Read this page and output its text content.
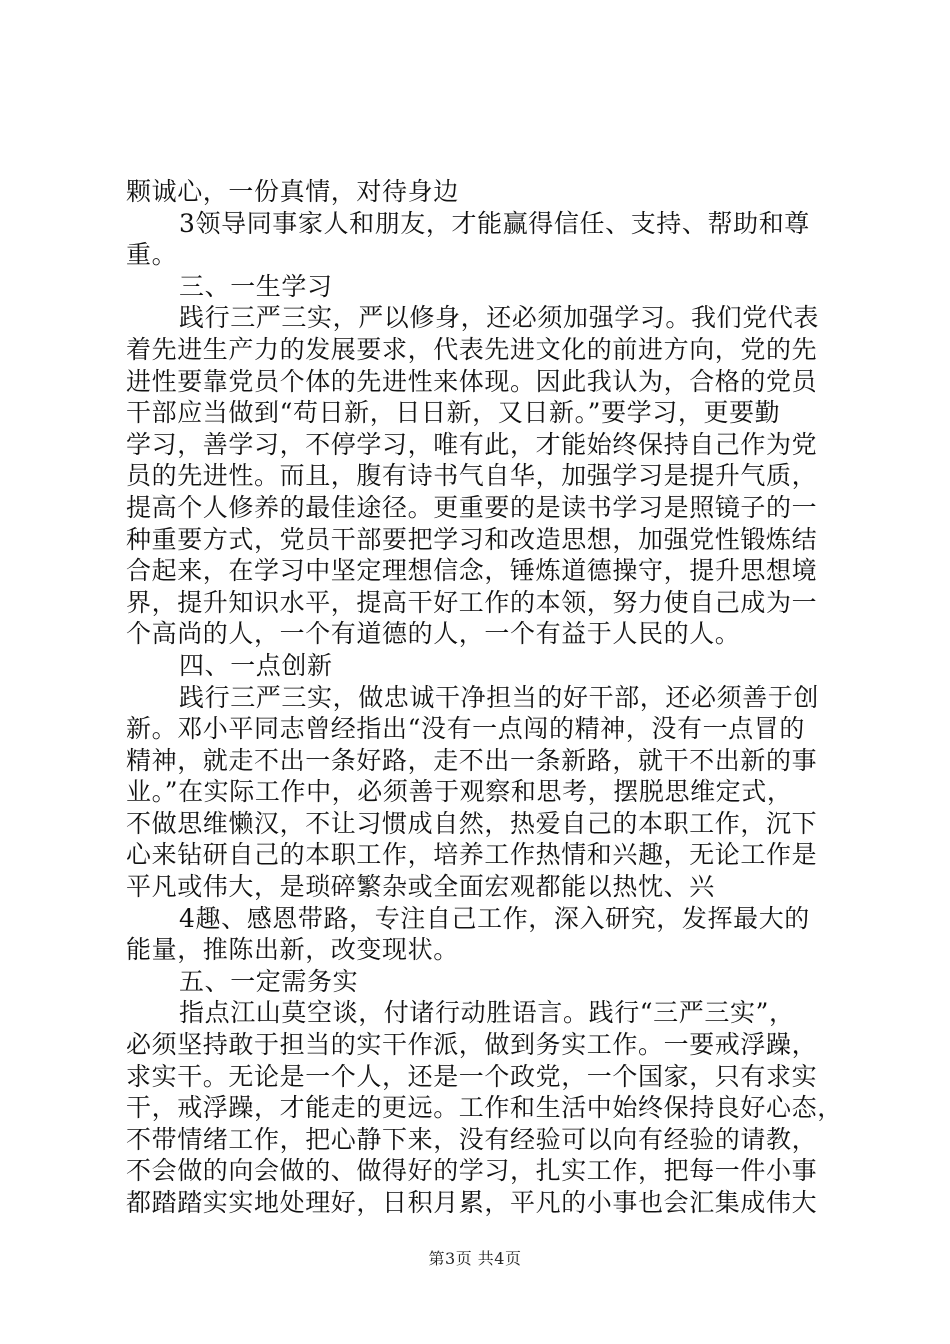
颗诚心，一份真情，对待身边
3领导同事家人和朋友，才能赢得信任、支持、帮助和尊
重。
三、一生学习
践行三严三实，严以修身，还必须加强学习。我们党代表
着先进生产力的发展要求，代表先进文化的前进方向，党的先
进性要靠党员个体的先进性来体现。因此我认为，合格的党员
干部应当做到“苟日新，日日新，又日新。”要学习，更要勤
学习，善学习，不停学习，唯有此，才能始终保持自己作为党
员的先进性。而且，腹有诗书气自华，加强学习是提升气质，
提高个人修养的最佳途径。更重要的是读书学习是照镜子的一
种重要方式，党员干部要把学习和改造思想，加强党性锻炼结
合起来，在学习中坚定理想信念，锤炼道德操守，提升思想境
界，提升知识水平，提高干好工作的本领，努力使自己成为一
个高尚的人，一个有道德的人，一个有益于人民的人。
四、一点创新
践行三严三实，做忠诚干净担当的好干部，还必须善于创
新。邓小平同志曾经指出“没有一点闯的精神，没有一点冒的
精神，就走不出一条好路，走不出一条新路，就干不出新的事
业。”在实际工作中，必须善于观察和思考，摆脱思维定式，
不做思维懒汉，不让习惯成自然，热爱自己的本职工作，沉下
心来钻研自己的本职工作，培养工作热情和兴趣，无论工作是
平凡或伟大，是琐碎繁杂或全面宏观都能以热忱、兴
4趣、感恩带路，专注自己工作，深入研究，发挥最大的
能量，推陈出新，改变现状。
五、一定需务实
指点江山莫空谈，付诸行动胜语言。践行“三严三实”，
必须坚持敢于担当的实干作派，做到务实工作。一要戒浮躁，
求实干。无论是一个人，还是一个政党，一个国家，只有求实
干，戒浮躁，才能走的更远。工作和生活中始终保持良好心态，
不带情绪工作，把心静下来，没有经验可以向有经验的请教，
不会做的向会做的、做得好的学习，扎实工作，把每一件小事
都踏踏实实地处理好，日积月累，平凡的小事也会汇集成伟大
第3页 共4页
